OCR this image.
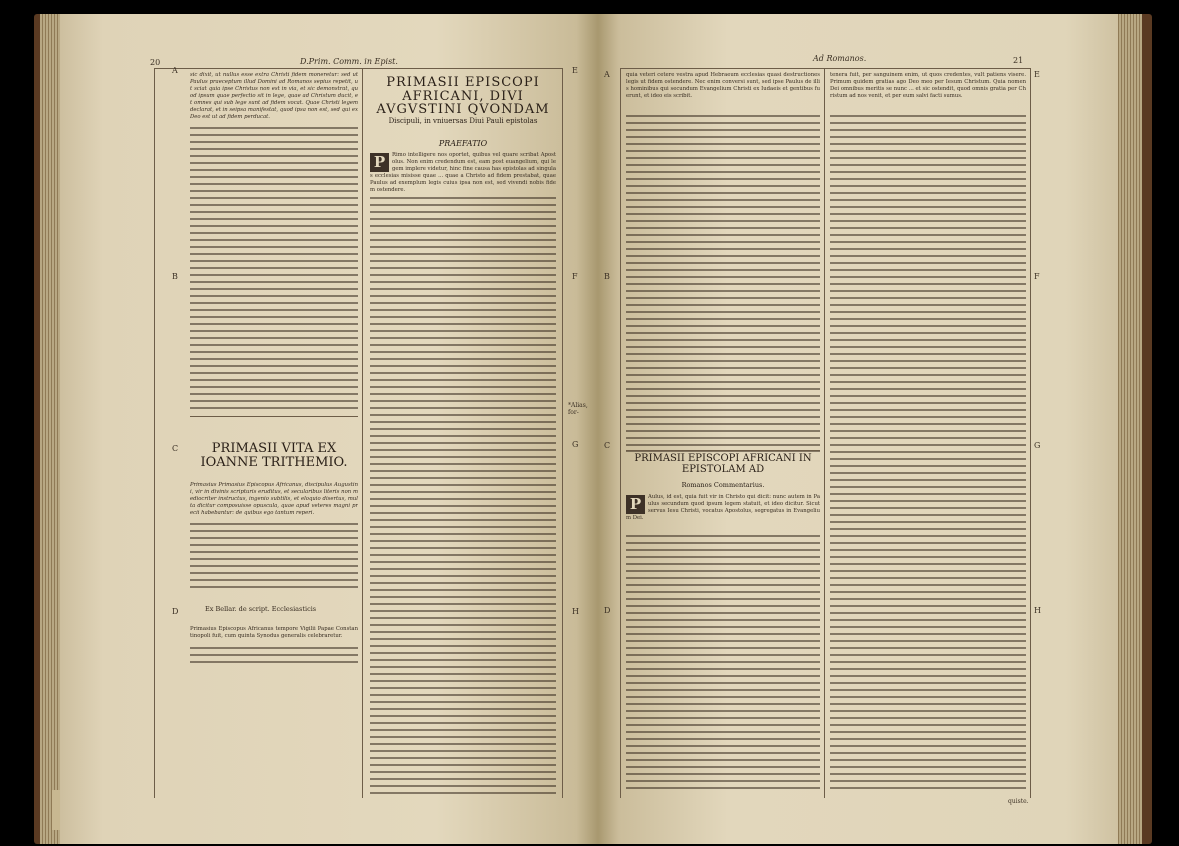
20	D.Prim. Comm. in Epist.
A
B
C
D
E
F
G
H
sic dixit, ut nullus esse extra Christi fidem moneretur: sed ut Paulus praeceptum illud Domini ad Romanos sepius repetit, ut sciat quia ipse Christus non est in via, et sic demonstrat, quod ipsum quae perfectio sit in lege, quae ad Christum ducit, et omnes qui sub lege sunt ad fidem vocat. Quae Christi legem declarat, et in seipsa manifestat, quod ipsa non est, sed qui ex Deo est ut ad fidem perducat.
PRIMASII VITA EX IOANNE TRITHEMIO.
Primasius Primasius Episcopus Africanus, discipulus Augustini, vir in divinis scripturis eruditus, et secularibus literis non mediocriter instructus, ingenio subtilis, et eloquio disertus, multa dicitur composuisse opuscula, quae apud veteres magni precii habebantur: de quibus ego tantum reperi.
Ex Bellar. de script. Ecclesiasticis
Primasius Episcopus Africanus tempore Vigilii Papae Constantinopoli fuit, cum quinta Synodus generalis celebraretur.
PRIMASII EPISCOPI AFRICANI, DIVI AVGVSTINI QVONDAM
Discipuli, in vniuersas Diui Pauli epistolas
PRAEFATIO
P	Rimo intelligere nos oportet, quibus vel quare scribat Apostolus. Non enim credendum est, eam post euangelium, qui legem implere videtur, hinc fine causa has epistolas ad singulas ecclesias misisse quae ... quae a Christo ad fidem prestabat, quae Paulus ad exemplum legis cuius ipsa non est, sed vivendi nobis fidem ostendere.
*Alias, for-
Ad Romanos.	21
A
B
C
D
E
F
G
H
quia veteri cetere vestra apud Hebraeum ecclesias quasi destructiones legis ut fidem ostendere. Nec enim conversi sunt, sed ipse Paulus de illis hominibus qui secundum Evangelium Christi ex Iudaeis et gentibus fuerunt, et ideo eis scribit.
PRIMASII EPISCOPI AFRICANI IN EPISTOLAM AD
Romanos Commentarius.
P	Aulus, id est, quia fuit vir in Christo qui dicit: nunc autem in Paulus secundum quod ipsum legem statuit, et ideo dicitur. Sicut servus Iesu Christi, vocatus Apostolus, segregatus in Evangelium Dei.
tenera fuit, per sanguinem enim, ut quos credentes, vult patiens visere. Primum quidem gratias ago Deo meo per Iesum Christum. Quia nomen Dei omnibus meritis se nunc ... et sic ostendit, quod omnis gratia per Christum ad nos venit, et per eum salvi facti sumus.
quiste.
